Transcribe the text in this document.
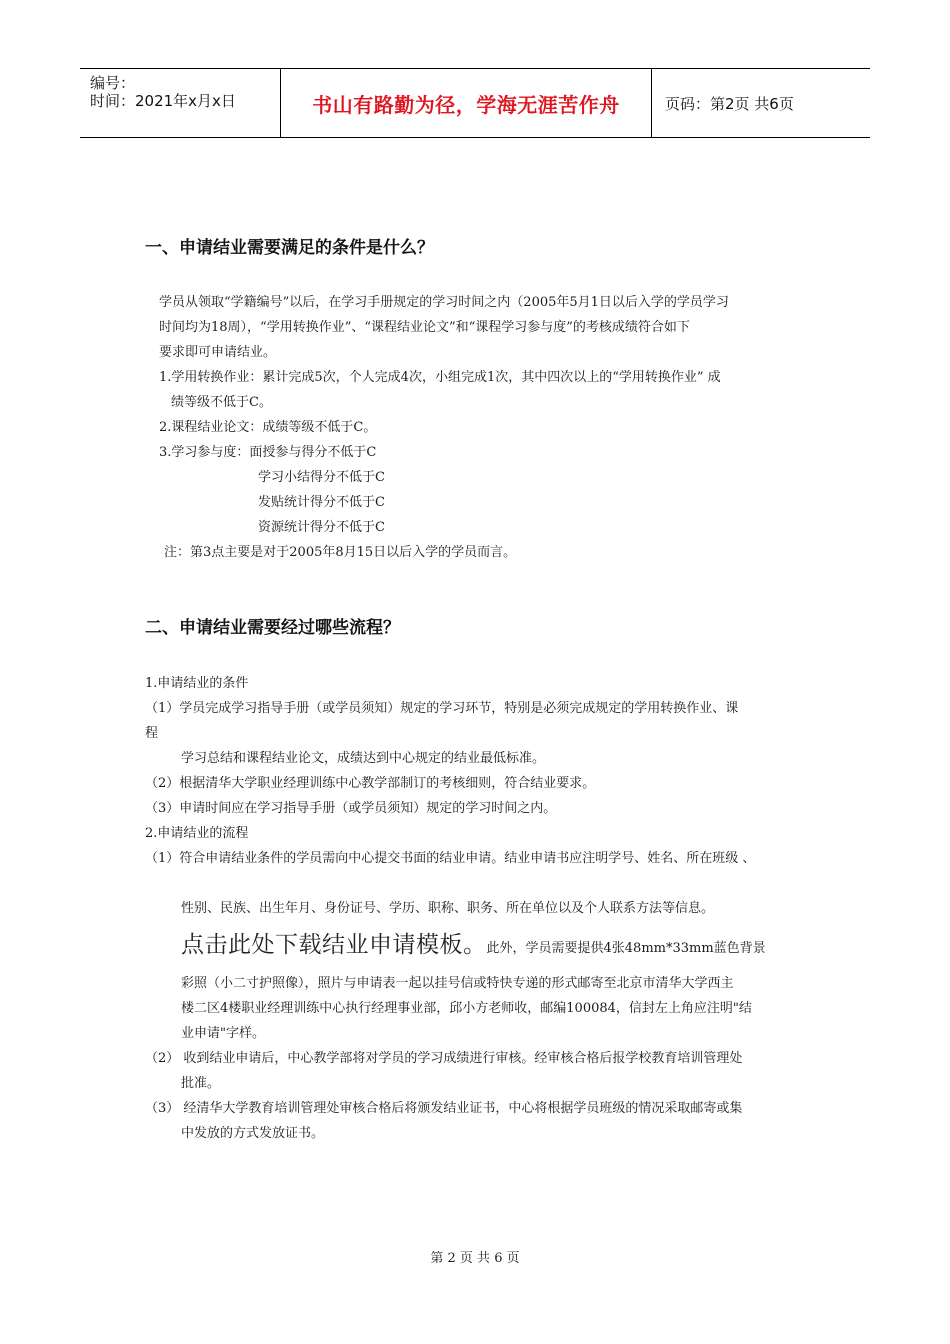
编号：
时间：2021年x月x日	书山有路勤为径，学海无涯苦作舟	页码：第2页 共6页
一、申请结业需要满足的条件是什么？
学员从领取“学籍编号”以后，在学习手册规定的学习时间之内（2005年5月1日以后入学的学员学习
时间均为18周），“学用转换作业”、“课程结业论文”和“课程学习参与度”的考核成绩符合如下
要求即可申请结业。
1.学用转换作业：累计完成5次，个人完成4次，小组完成1次，其中四次以上的“学用转换作业” 成
绩等级不低于C。
2.课程结业论文：成绩等级不低于C。
3.学习参与度：面授参与得分不低于C
学习小结得分不低于C
发贴统计得分不低于C
资源统计得分不低于C
注：第3点主要是对于2005年8月15日以后入学的学员而言。
二、申请结业需要经过哪些流程？
1.申请结业的条件
（1）学员完成学习指导手册（或学员须知）规定的学习环节，特别是必须完成规定的学用转换作业、课
程
学习总结和课程结业论文，成绩达到中心规定的结业最低标准。
（2）根据清华大学职业经理训练中心教学部制订的考核细则，符合结业要求。
（3）申请时间应在学习指导手册（或学员须知）规定的学习时间之内。
2.申请结业的流程
（1）符合申请结业条件的学员需向中心提交书面的结业申请。结业申请书应注明学号、姓名、所在班级 、
性别、民族、出生年月、身份证号、学历、职称、职务、所在单位以及个人联系方法等信息。
点击此处下载结业申请模板。此外，学员需要提供4张48mm*33mm蓝色背景
彩照（小二寸护照像），照片与申请表一起以挂号信或特快专递的形式邮寄至北京市清华大学西主
楼二区4楼职业经理训练中心执行经理事业部，邱小方老师收，邮编100084，信封左上角应注明"结
业申请"字样。
（2） 收到结业申请后，中心教学部将对学员的学习成绩进行审核。经审核合格后报学校教育培训管理处
批准。
（3） 经清华大学教育培训管理处审核合格后将颁发结业证书，中心将根据学员班级的情况采取邮寄或集
中发放的方式发放证书。
第 2 页 共 6 页
